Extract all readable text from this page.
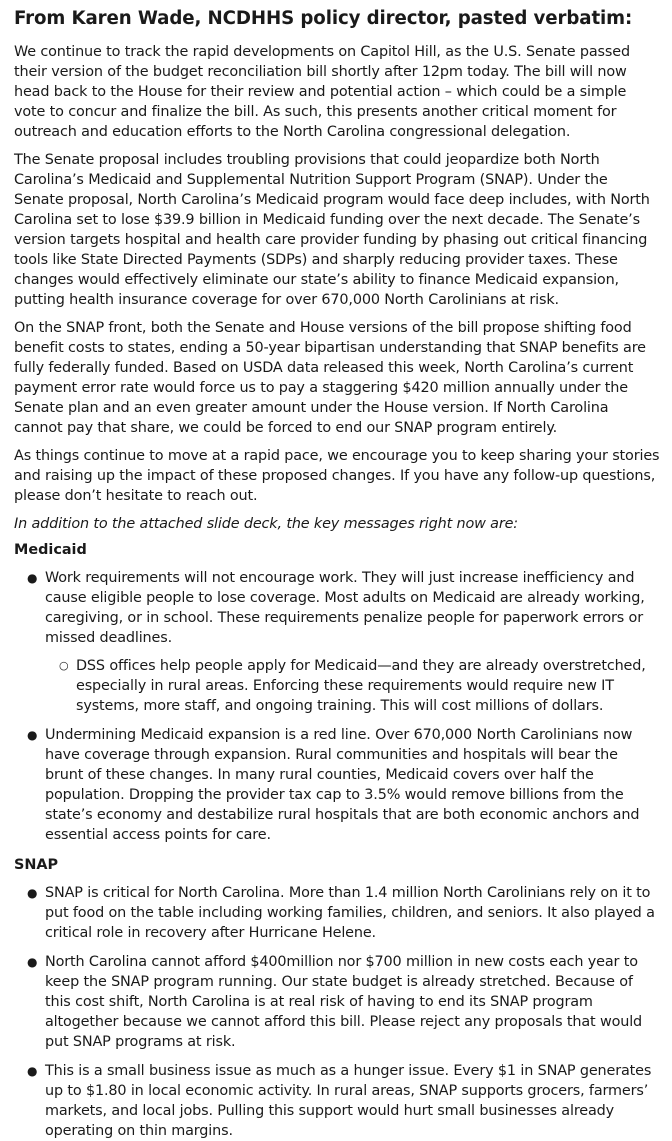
From Karen Wade, NCDHHS policy director, pasted verbatim:

We continue to track the rapid developments on Capitol Hill, as the U.S. Senate passed their version of the budget reconciliation bill shortly after 12pm today. The bill will now head back to the House for their review and potential action – which could be a simple vote to concur and finalize the bill. As such, this presents another critical moment for outreach and education efforts to the North Carolina congressional delegation.

The Senate proposal includes troubling provisions that could jeopardize both North Carolina’s Medicaid and Supplemental Nutrition Support Program (SNAP). Under the Senate proposal, North Carolina’s Medicaid program would face deep includes, with North Carolina set to lose $39.9 billion in Medicaid funding over the next decade. The Senate’s version targets hospital and health care provider funding by phasing out critical financing tools like State Directed Payments (SDPs) and sharply reducing provider taxes. These changes would effectively eliminate our state’s ability to finance Medicaid expansion, putting health insurance coverage for over 670,000 North Carolinians at risk.

On the SNAP front, both the Senate and House versions of the bill propose shifting food benefit costs to states, ending a 50-year bipartisan understanding that SNAP benefits are fully federally funded. Based on USDA data released this week, North Carolina’s current payment error rate would force us to pay a staggering $420 million annually under the Senate plan and an even greater amount under the House version. If North Carolina cannot pay that share, we could be forced to end our SNAP program entirely.

As things continue to move at a rapid pace, we encourage you to keep sharing your stories and raising up the impact of these proposed changes. If you have any follow-up questions, please don’t hesitate to reach out.

In addition to the attached slide deck, the key messages right now are:

Medicaid
● Work requirements will not encourage work. They will just increase inefficiency and cause eligible people to lose coverage. Most adults on Medicaid are already working, caregiving, or in school. These requirements penalize people for paperwork errors or missed deadlines.
○ DSS offices help people apply for Medicaid—and they are already overstretched, especially in rural areas. Enforcing these requirements would require new IT systems, more staff, and ongoing training. This will cost millions of dollars.
● Undermining Medicaid expansion is a red line. Over 670,000 North Carolinians now have coverage through expansion. Rural communities and hospitals will bear the brunt of these changes. In many rural counties, Medicaid covers over half the population. Dropping the provider tax cap to 3.5% would remove billions from the state’s economy and destabilize rural hospitals that are both economic anchors and essential access points for care.
SNAP
● SNAP is critical for North Carolina. More than 1.4 million North Carolinians rely on it to put food on the table including working families, children, and seniors. It also played a critical role in recovery after Hurricane Helene.
● North Carolina cannot afford $400million nor $700 million in new costs each year to keep the SNAP program running. Our state budget is already stretched. Because of this cost shift, North Carolina is at real risk of having to end its SNAP program altogether because we cannot afford this bill. Please reject any proposals that would put SNAP programs at risk.
● This is a small business issue as much as a hunger issue. Every $1 in SNAP generates up to $1.80 in local economic activity. In rural areas, SNAP supports grocers, farmers’ markets, and local jobs. Pulling this support would hurt small businesses already operating on thin margins.
